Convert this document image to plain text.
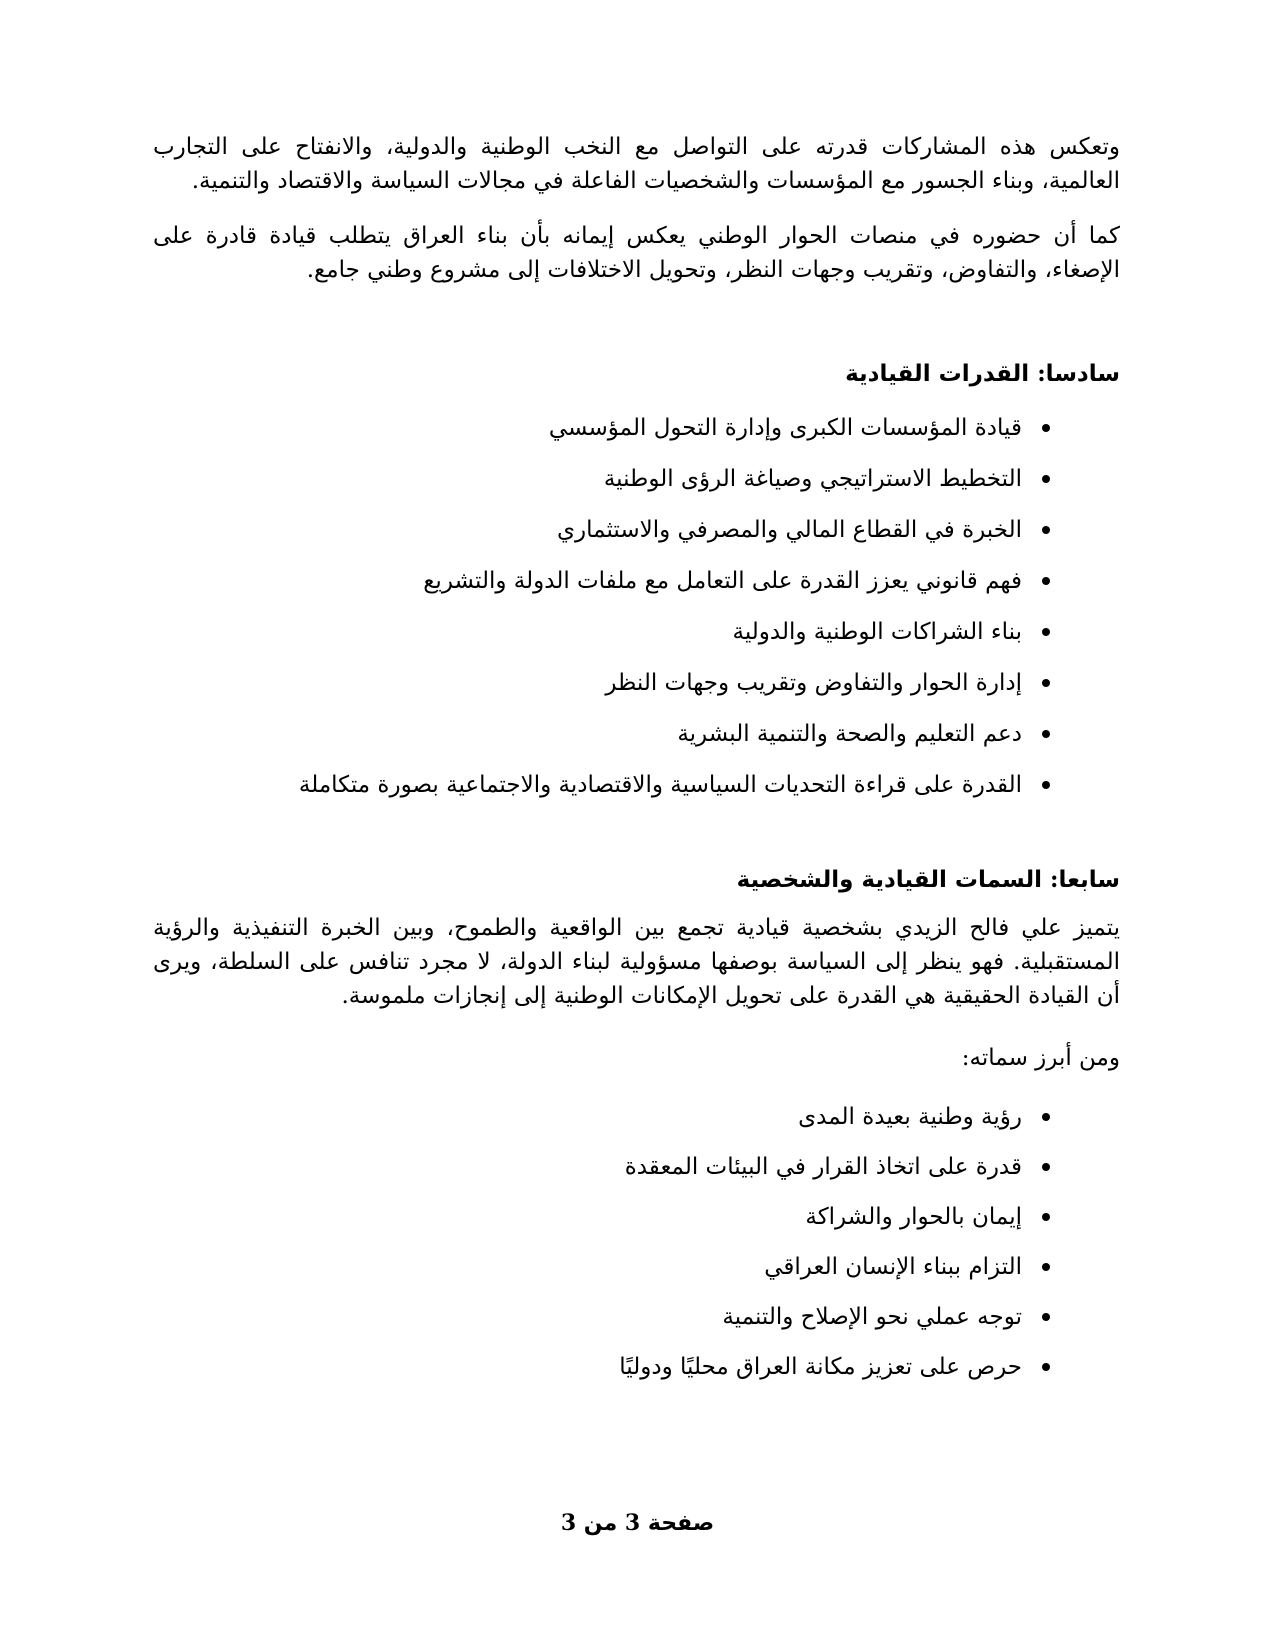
وتعكس هذه المشاركات قدرته على التواصل مع النخب الوطنية والدولية، والانفتاح على التجارب العالمية، وبناء الجسور مع المؤسسات والشخصيات الفاعلة في مجالات السياسة والاقتصاد والتنمية.
كما أن حضوره في منصات الحوار الوطني يعكس إيمانه بأن بناء العراق يتطلب قيادة قادرة على الإصغاء، والتفاوض، وتقريب وجهات النظر، وتحويل الاختلافات إلى مشروع وطني جامع.
سادسا: القدرات القيادية
قيادة المؤسسات الكبرى وإدارة التحول المؤسسي
التخطيط الاستراتيجي وصياغة الرؤى الوطنية
الخبرة في القطاع المالي والمصرفي والاستثماري
فهم قانوني يعزز القدرة على التعامل مع ملفات الدولة والتشريع
بناء الشراكات الوطنية والدولية
إدارة الحوار والتفاوض وتقريب وجهات النظر
دعم التعليم والصحة والتنمية البشرية
القدرة على قراءة التحديات السياسية والاقتصادية والاجتماعية بصورة متكاملة
سابعا: السمات القيادية والشخصية
يتميز علي فالح الزيدي بشخصية قيادية تجمع بين الواقعية والطموح، وبين الخبرة التنفيذية والرؤية المستقبلية. فهو ينظر إلى السياسة بوصفها مسؤولية لبناء الدولة، لا مجرد تنافس على السلطة، ويرى أن القيادة الحقيقية هي القدرة على تحويل الإمكانات الوطنية إلى إنجازات ملموسة.
ومن أبرز سماته:
رؤية وطنية بعيدة المدى
قدرة على اتخاذ القرار في البيئات المعقدة
إيمان بالحوار والشراكة
التزام ببناء الإنسان العراقي
توجه عملي نحو الإصلاح والتنمية
حرص على تعزيز مكانة العراق محليًا ودوليًا
صفحة 3 من 3
